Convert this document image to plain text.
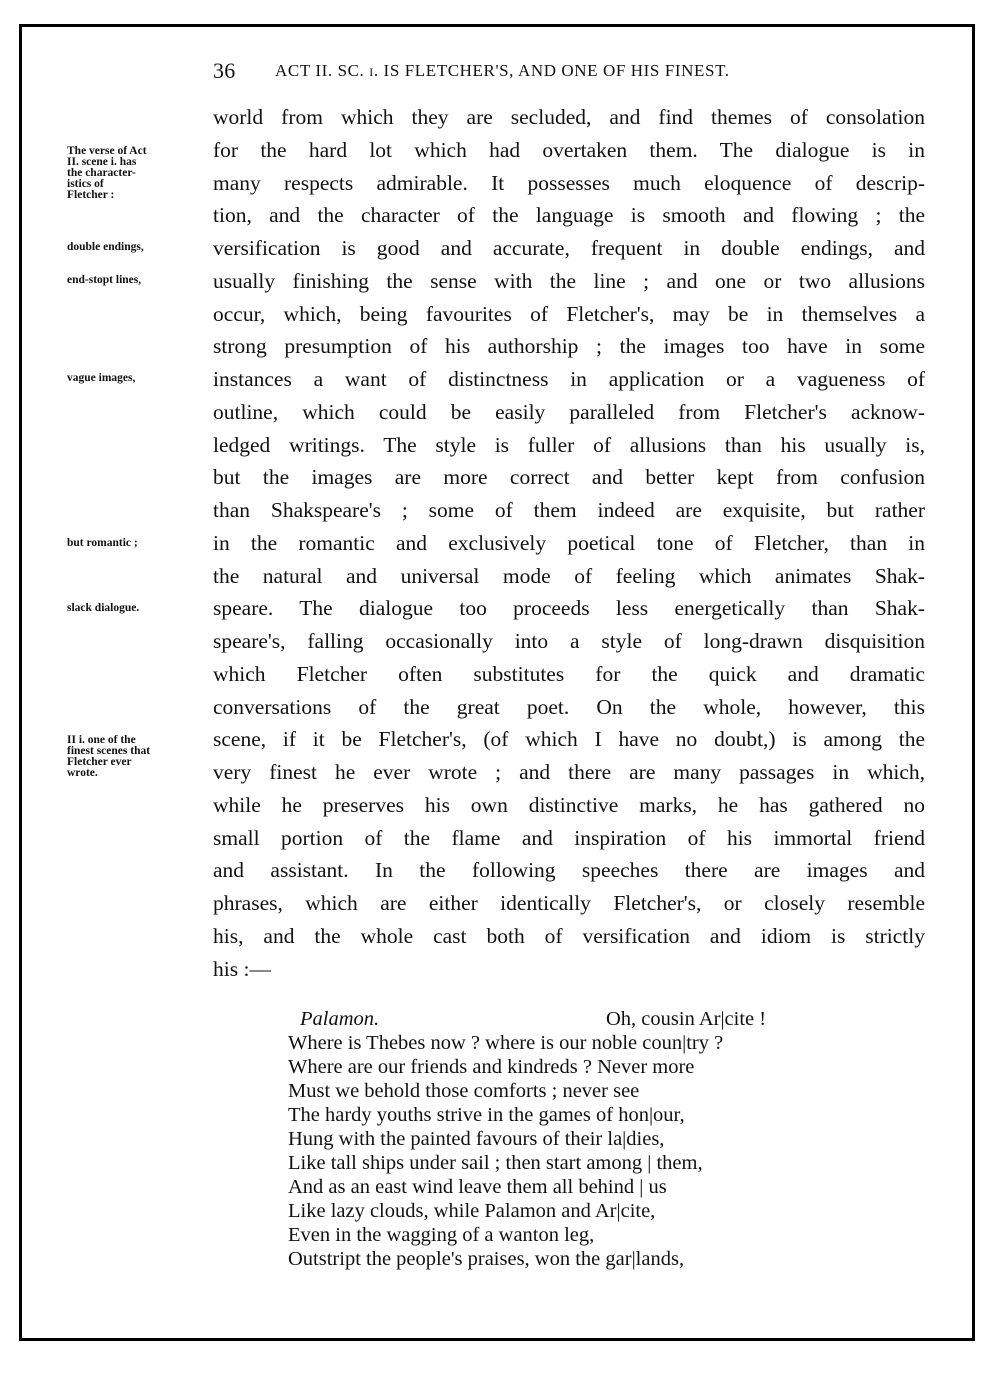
36 ACT II. SC. i. IS FLETCHER'S, AND ONE OF HIS FINEST.
The verse of Act
II. scene i. has
the character-
istics of
Fletcher :
double endings,
end-stopt lines,
vague images,
but romantic ;
slack dialogue.
II i. one of the
finest scenes that
Fletcher ever
wrote.
world from which they are secluded, and find themes of consolation
for the hard lot which had overtaken them. The dialogue is in
many respects admirable. It possesses much eloquence of descrip-
tion, and the character of the language is smooth and flowing ; the
versification is good and accurate, frequent in double endings, and
usually finishing the sense with the line ; and one or two allusions
occur, which, being favourites of Fletcher's, may be in themselves a
strong presumption of his authorship ; the images too have in some
instances a want of distinctness in application or a vagueness of
outline, which could be easily paralleled from Fletcher's acknow-
ledged writings. The style is fuller of allusions than his usually is,
but the images are more correct and better kept from confusion
than Shakspeare's ; some of them indeed are exquisite, but rather
in the romantic and exclusively poetical tone of Fletcher, than in
the natural and universal mode of feeling which animates Shak-
speare. The dialogue too proceeds less energetically than Shak-
speare's, falling occasionally into a style of long-drawn disquisition
which Fletcher often substitutes for the quick and dramatic
conversations of the great poet. On the whole, however, this
scene, if it be Fletcher's, (of which I have no doubt,) is among the
very finest he ever wrote ; and there are many passages in which,
while he preserves his own distinctive marks, he has gathered no
small portion of the flame and inspiration of his immortal friend
and assistant. In the following speeches there are images and
phrases, which are either identically Fletcher's, or closely resemble
his, and the whole cast both of versification and idiom is strictly
his :—
Palamon.	Oh, cousin Ar|cite !
Where is Thebes now ? where is our noble coun|try ?
Where are our friends and kindreds ? Never more
Must we behold those comforts ; never see
The hardy youths strive in the games of hon|our,
Hung with the painted favours of their la|dies,
Like tall ships under sail ; then start among | them,
And as an east wind leave them all behind | us
Like lazy clouds, while Palamon and Ar|cite,
Even in the wagging of a wanton leg,
Outstript the people's praises, won the gar|lands,
